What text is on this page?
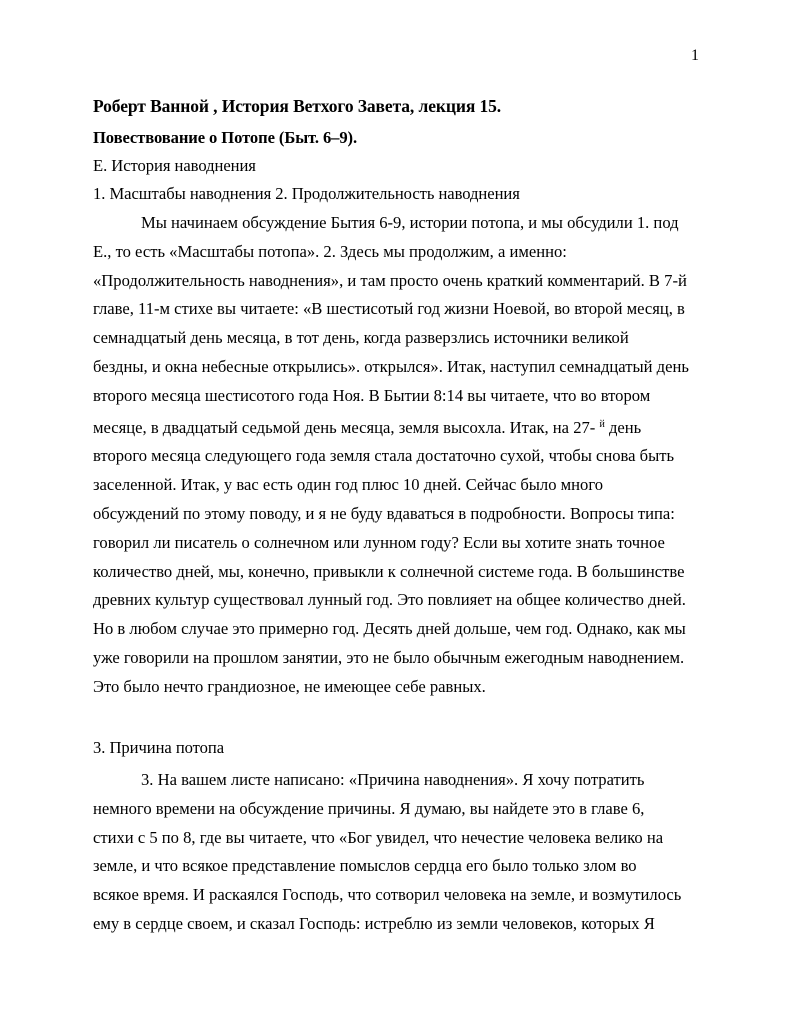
1
Роберт Ванной , История Ветхого Завета, лекция 15.
Повествование о Потопе (Быт. 6–9).
Е. История наводнения
1. Масштабы наводнения 2. Продолжительность наводнения
Мы начинаем обсуждение Бытия 6-9, истории потопа, и мы обсудили 1. под
Е., то есть «Масштабы потопа». 2. Здесь мы продолжим, а именно:
«Продолжительность наводнения», и там просто очень краткий комментарий. В 7-й
главе, 11-м стихе вы читаете: «В шестисотый год жизни Ноевой, во второй месяц, в
семнадцатый день месяца, в тот день, когда разверзлись источники великой
бездны, и окна небесные открылись». открылся». Итак, наступил семнадцатый день
второго месяца шестисотого года Ноя. В Бытии 8:14 вы читаете, что во втором
месяце, в двадцатый седьмой день месяца, земля высохла. Итак, на 27- $^й$ день
второго месяца следующего года земля стала достаточно сухой, чтобы снова быть
заселенной. Итак, у вас есть один год плюс 10 дней. Сейчас было много
обсуждений по этому поводу, и я не буду вдаваться в подробности. Вопросы типа:
говорил ли писатель о солнечном или лунном году? Если вы хотите знать точное
количество дней, мы, конечно, привыкли к солнечной системе года. В большинстве
древних культур существовал лунный год. Это повлияет на общее количество дней.
Но в любом случае это примерно год. Десять дней дольше, чем год. Однако, как мы
уже говорили на прошлом занятии, это не было обычным ежегодным наводнением.
Это было нечто грандиозное, не имеющее себе равных.
3. Причина потопа
3. На вашем листе написано: «Причина наводнения». Я хочу потратить
немного времени на обсуждение причины. Я думаю, вы найдете это в главе 6,
стихи с 5 по 8, где вы читаете, что «Бог увидел, что нечестие человека велико на
земле, и что всякое представление помыслов сердца его было только злом во
всякое время. И раскаялся Господь, что сотворил человека на земле, и возмутилось
ему в сердце своем, и сказал Господь: истреблю из земли человеков, которых Я
